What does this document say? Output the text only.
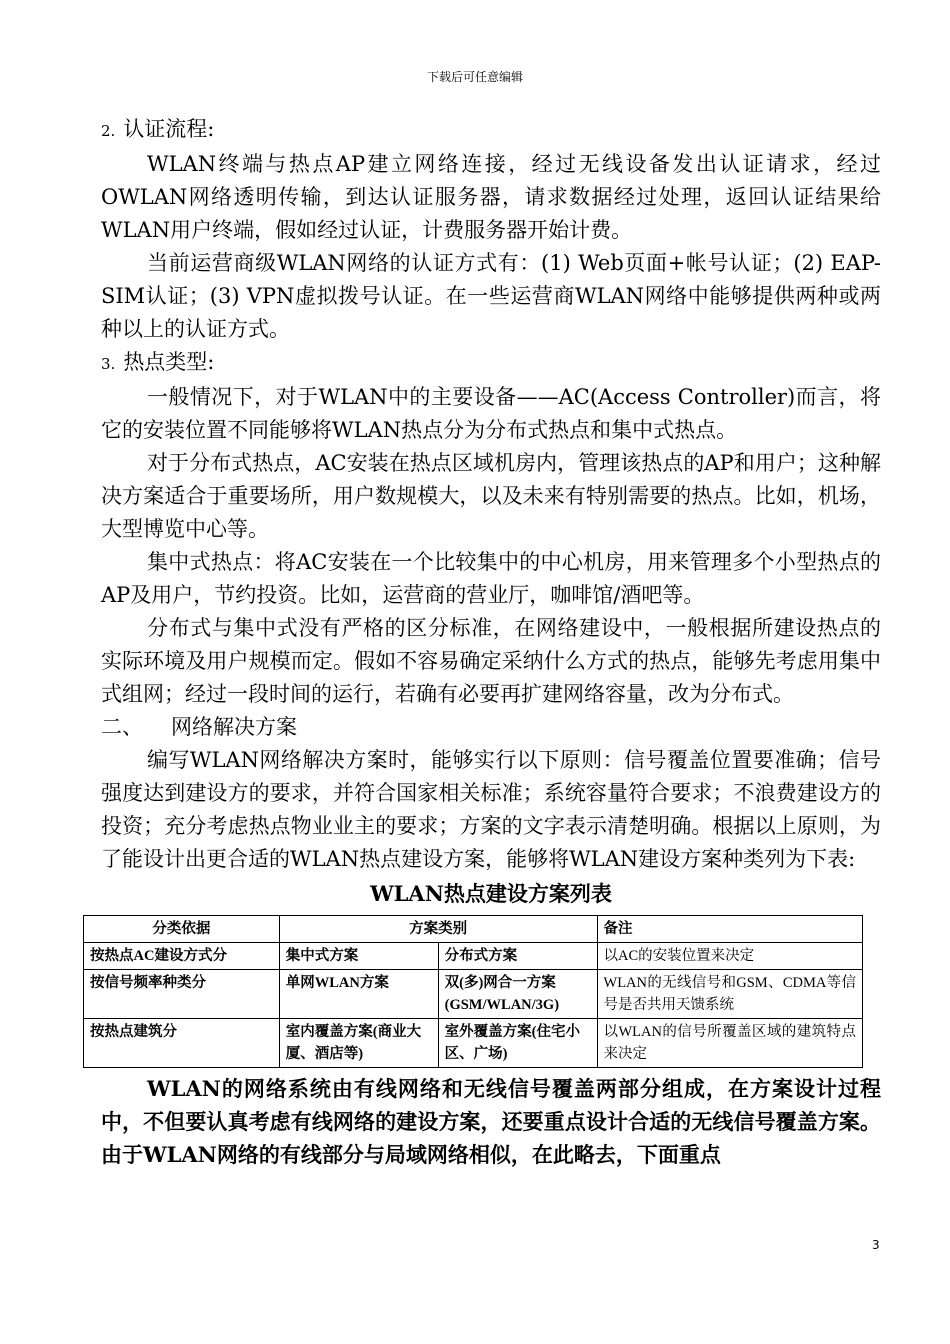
下载后可任意编辑

2. 认证流程:

WLAN终端与热点AP建立网络连接，经过无线设备发出认证请求，经过OWLAN网络透明传输，到达认证服务器，请求数据经过处理，返回认证结果给WLAN用户终端，假如经过认证，计费服务器开始计费。

当前运营商级WLAN网络的认证方式有：(1) Web页面+帐号认证；(2) EAP-SIM认证；(3) VPN虚拟拨号认证。在一些运营商WLAN网络中能够提供两种或两种以上的认证方式。

3. 热点类型:

一般情况下，对于WLAN中的主要设备——AC(Access Controller)而言，将它的安装位置不同能够将WLAN热点分为分布式热点和集中式热点。

对于分布式热点，AC安装在热点区域机房内，管理该热点的AP和用户；这种解决方案适合于重要场所，用户数规模大，以及未来有特别需要的热点。比如，机场，大型博览中心等。

集中式热点：将AC安装在一个比较集中的中心机房，用来管理多个小型热点的AP及用户，节约投资。比如，运营商的营业厅，咖啡馆/酒吧等。

分布式与集中式没有严格的区分标准，在网络建设中，一般根据所建设热点的实际环境及用户规模而定。假如不容易确定采纳什么方式的热点，能够先考虑用集中式组网；经过一段时间的运行，若确有必要再扩建网络容量，改为分布式。

二、 网络解决方案

编写WLAN网络解决方案时，能够实行以下原则：信号覆盖位置要准确；信号强度达到建设方的要求，并符合国家相关标准；系统容量符合要求；不浪费建设方的投资；充分考虑热点物业业主的要求；方案的文字表示清楚明确。根据以上原则，为了能设计出更合适的WLAN热点建设方案，能够将WLAN建设方案种类列为下表:

WLAN热点建设方案列表
分类依据	方案类别		备注
按热点AC建设方式分	集中式方案	分布式方案	以AC的安装位置来决定
按信号频率种类分	单网WLAN方案	双(多)网合一方案 (GSM/WLAN/3G)	WLAN的无线信号和GSM、CDMA等信号是否共用天馈系统
按热点建筑分	室内覆盖方案(商业大厦、酒店等)	室外覆盖方案(住宅小区、广场)	以WLAN的信号所覆盖区域的建筑特点来决定

WLAN的网络系统由有线网络和无线信号覆盖两部分组成，在方案设计过程中，不但要认真考虑有线网络的建设方案，还要重点设计合适的无线信号覆盖方案。由于WLAN网络的有线部分与局域网络相似，在此略去，下面重点

3
